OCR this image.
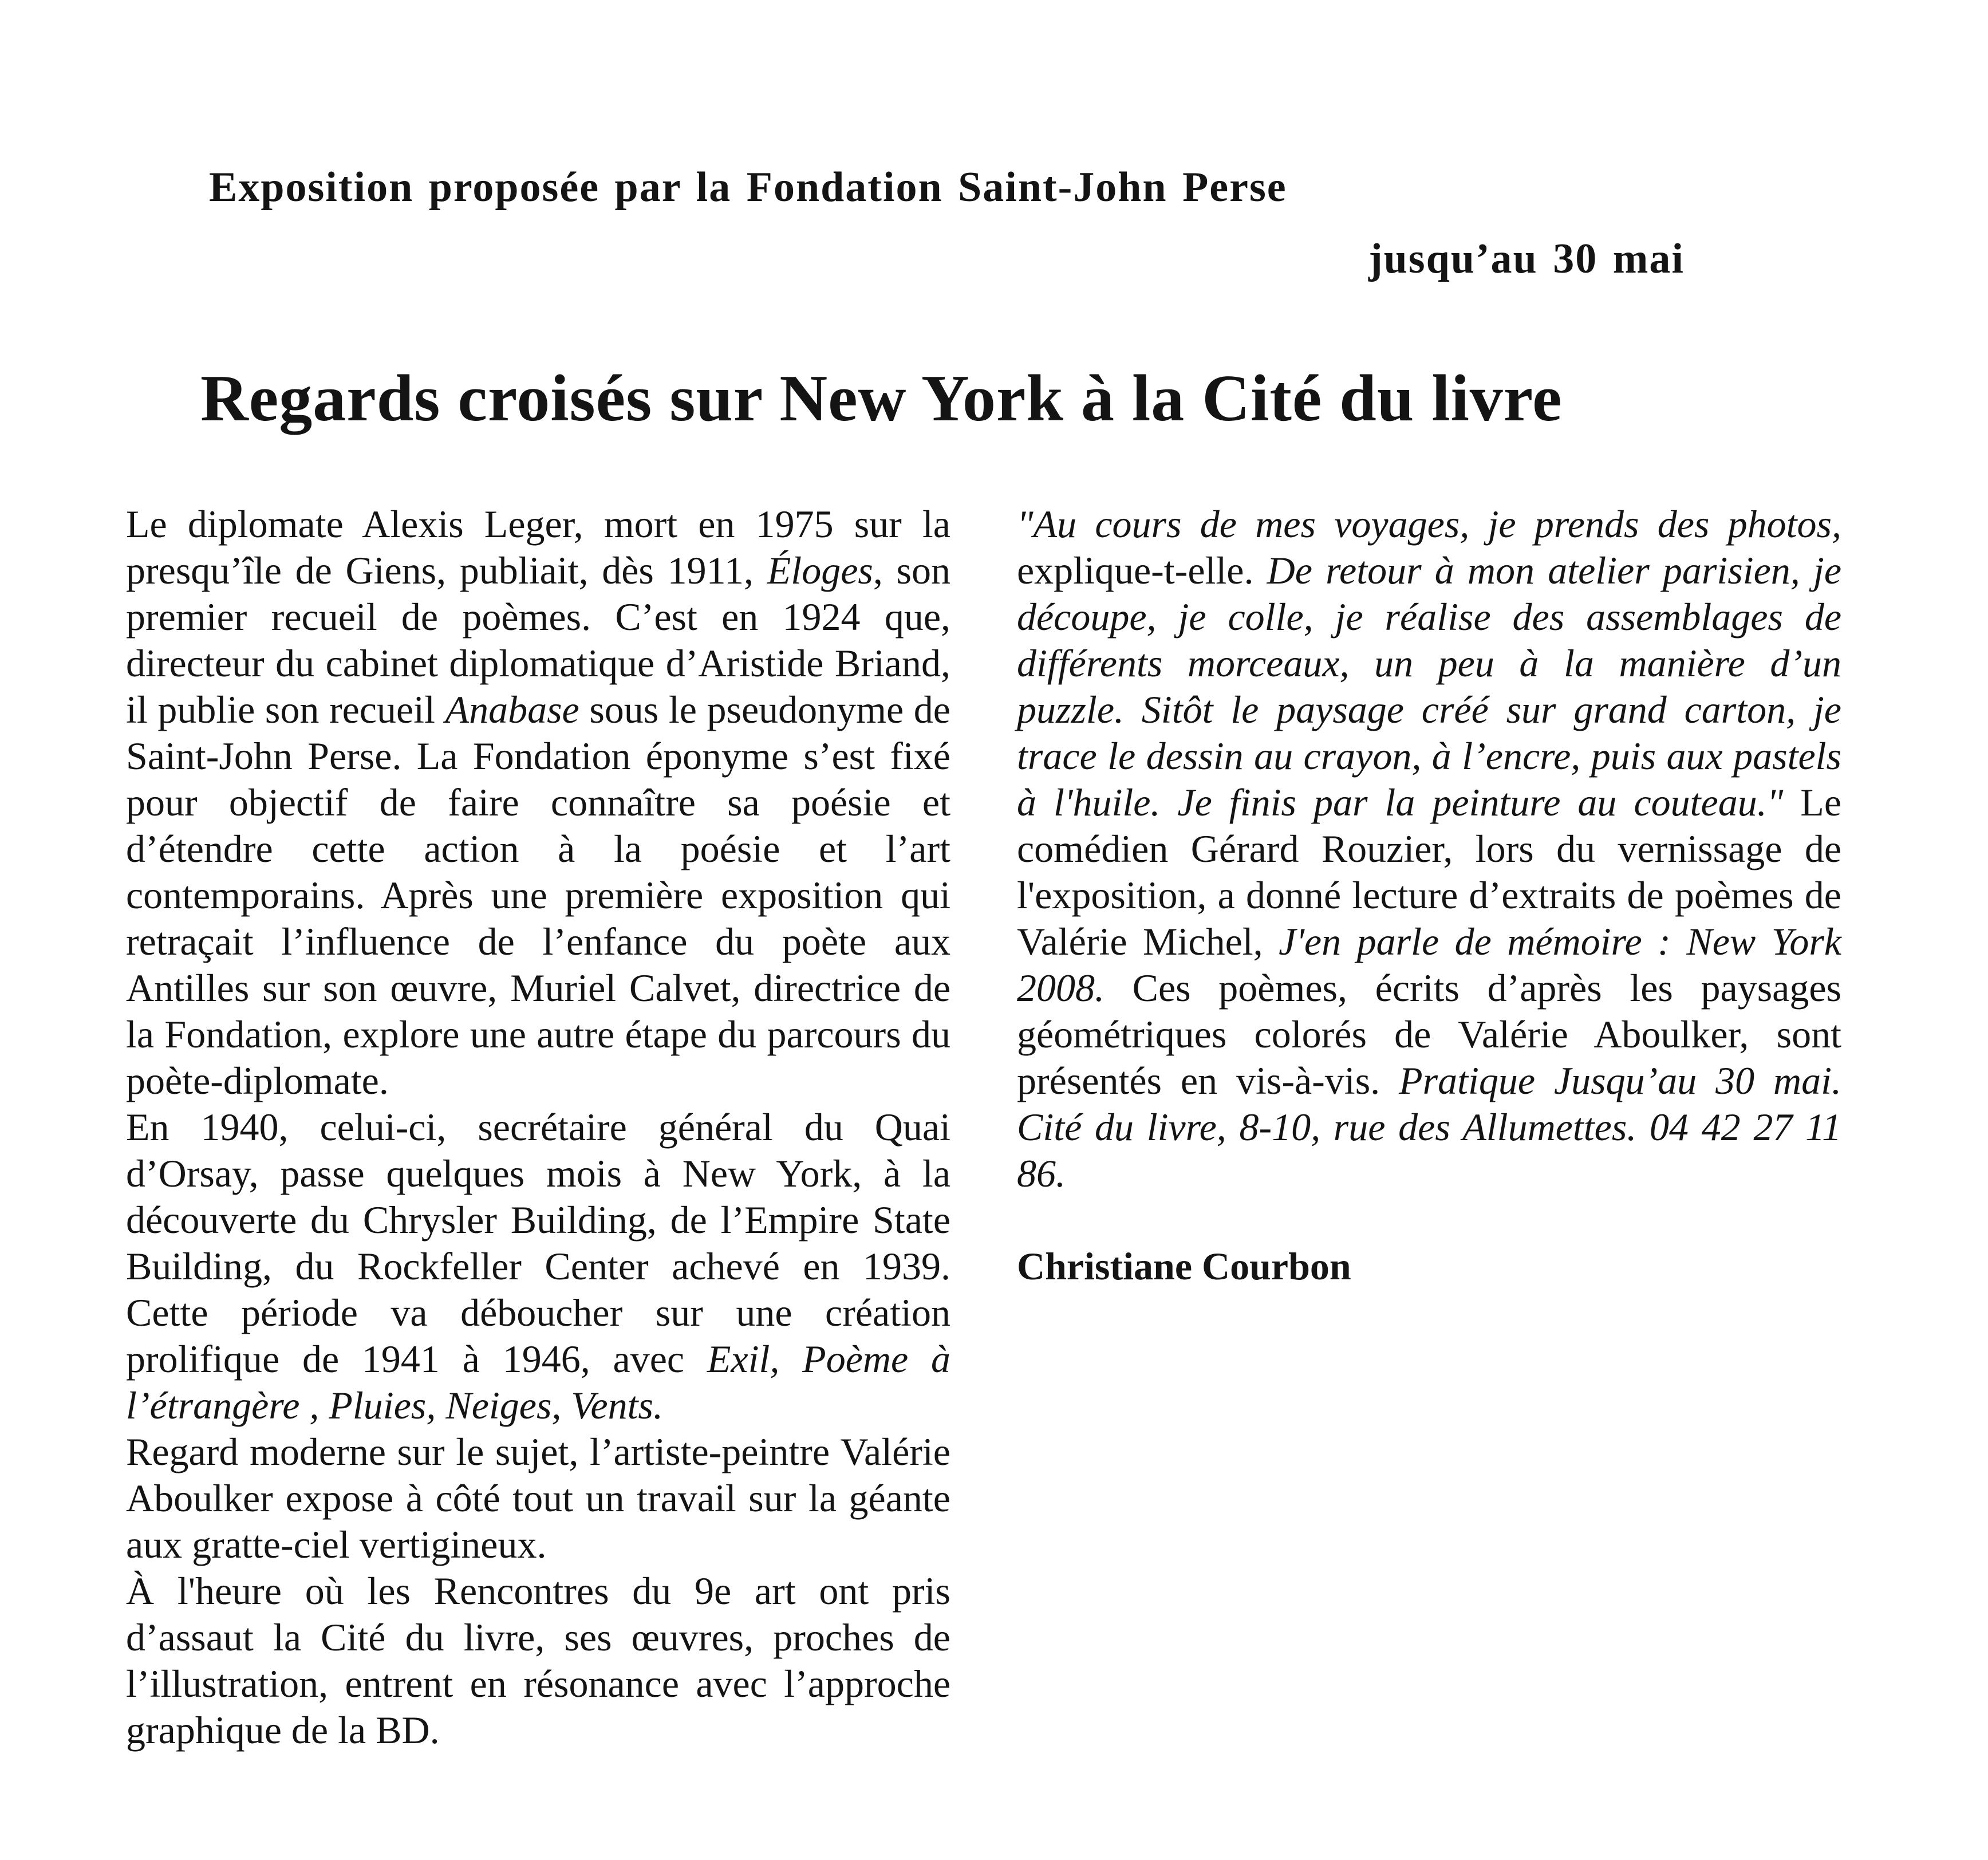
Exposition proposée par la Fondation Saint-John Perse
jusqu’au 30 mai
Regards croisés sur New York à la Cité du livre

Le diplomate Alexis Leger, mort en 1975 sur la presqu’île de Giens, publiait, dès 1911, Éloges, son premier recueil de poèmes. C’est en 1924 que, directeur du cabinet diplomatique d’Aristide Briand, il publie son recueil Anabase sous le pseudonyme de Saint-John Perse. La Fondation éponyme s’est fixé pour objectif de faire connaître sa poésie et d’étendre cette action à la poésie et l’art contemporains. Après une première exposition qui retraçait l’influence de l’enfance du poète aux Antilles sur son œuvre, Muriel Calvet, directrice de la Fondation, explore une autre étape du parcours du poète-diplomate.

En 1940, celui-ci, secrétaire général du Quai d’Orsay, passe quelques mois à New York, à la découverte du Chrysler Building, de l’Empire State Building, du Rockfeller Center achevé en 1939. Cette période va déboucher sur une création prolifique de 1941 à 1946, avec Exil, Poème à l’étrangère , Pluies, Neiges, Vents.

Regard moderne sur le sujet, l’artiste-peintre Valérie Aboulker expose à côté tout un travail sur la géante aux gratte-ciel vertigineux.

À l'heure où les Rencontres du 9e art ont pris d’assaut la Cité du livre, ses œuvres, proches de l’illustration, entrent en résonance avec l’approche graphique de la BD.

"Au cours de mes voyages, je prends des photos, explique-t-elle. De retour à mon atelier parisien, je découpe, je colle, je réalise des assemblages de différents morceaux, un peu à la manière d’un puzzle. Sitôt le paysage créé sur grand carton, je trace le dessin au crayon, à l’encre, puis aux pastels à l'huile. Je finis par la peinture au couteau." Le comédien Gérard Rouzier, lors du vernissage de l'exposition, a donné lecture d’extraits de poèmes de Valérie Michel, J'en parle de mémoire : New York 2008. Ces poèmes, écrits d’après les paysages géométriques colorés de Valérie Aboulker, sont présentés en vis-à-vis. Pratique Jusqu’au 30 mai. Cité du livre, 8-10, rue des Allumettes. 04 42 27 11 86.

Christiane Courbon
